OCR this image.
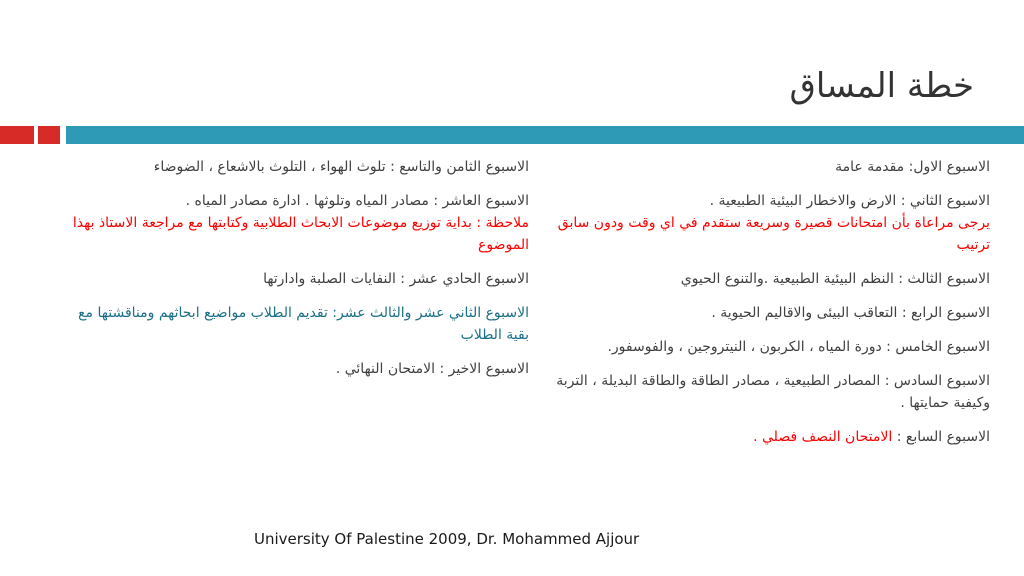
خطة المساق
الاسبوع الاول: مقدمة عامة
الاسبوع الثاني : الارض والاخطار البيئية الطبيعية .
يرجى مراعاة بأن امتحانات قصيرة وسريعة ستقدم في اي وقت ودون سابق ترتيب
الاسبوع الثالث : النظم البيئية الطبيعية .والتنوع الحيوي
الاسبوع الرابع : التعاقب البيئى والاقاليم الحيوية .
الاسبوع الخامس : دورة المياه ، الكربون ، النيتروجين ، والفوسفور.
الاسبوع السادس : المصادر الطبيعية ، مصادر الطاقة والطاقة البديلة ، التربة وكيفية حمايتها .
الاسبوع السابع : الامتحان النصف فصلي .
الاسبوع الثامن والتاسع : تلوث الهواء ، التلوث بالاشعاع ، الضوضاء
الاسبوع العاشر : مصادر المياه وتلوثها . ادارة مصادر المياه .
ملاحظة : بداية توزيع موضوعات الابحاث الطلابية وكتابتها مع مراجعة الاستاذ بهذا الموضوع
الاسبوع الحادي عشر : النفايات الصلبة وادارتها
الاسبوع الثاني عشر والثالث عشر: تقديم الطلاب مواضيع ابحاثهم ومناقشتها مع بقية الطلاب
الاسبوع الاخير : الامتحان النهائي .
University Of Palestine 2009, Dr. Mohammed Ajjour
